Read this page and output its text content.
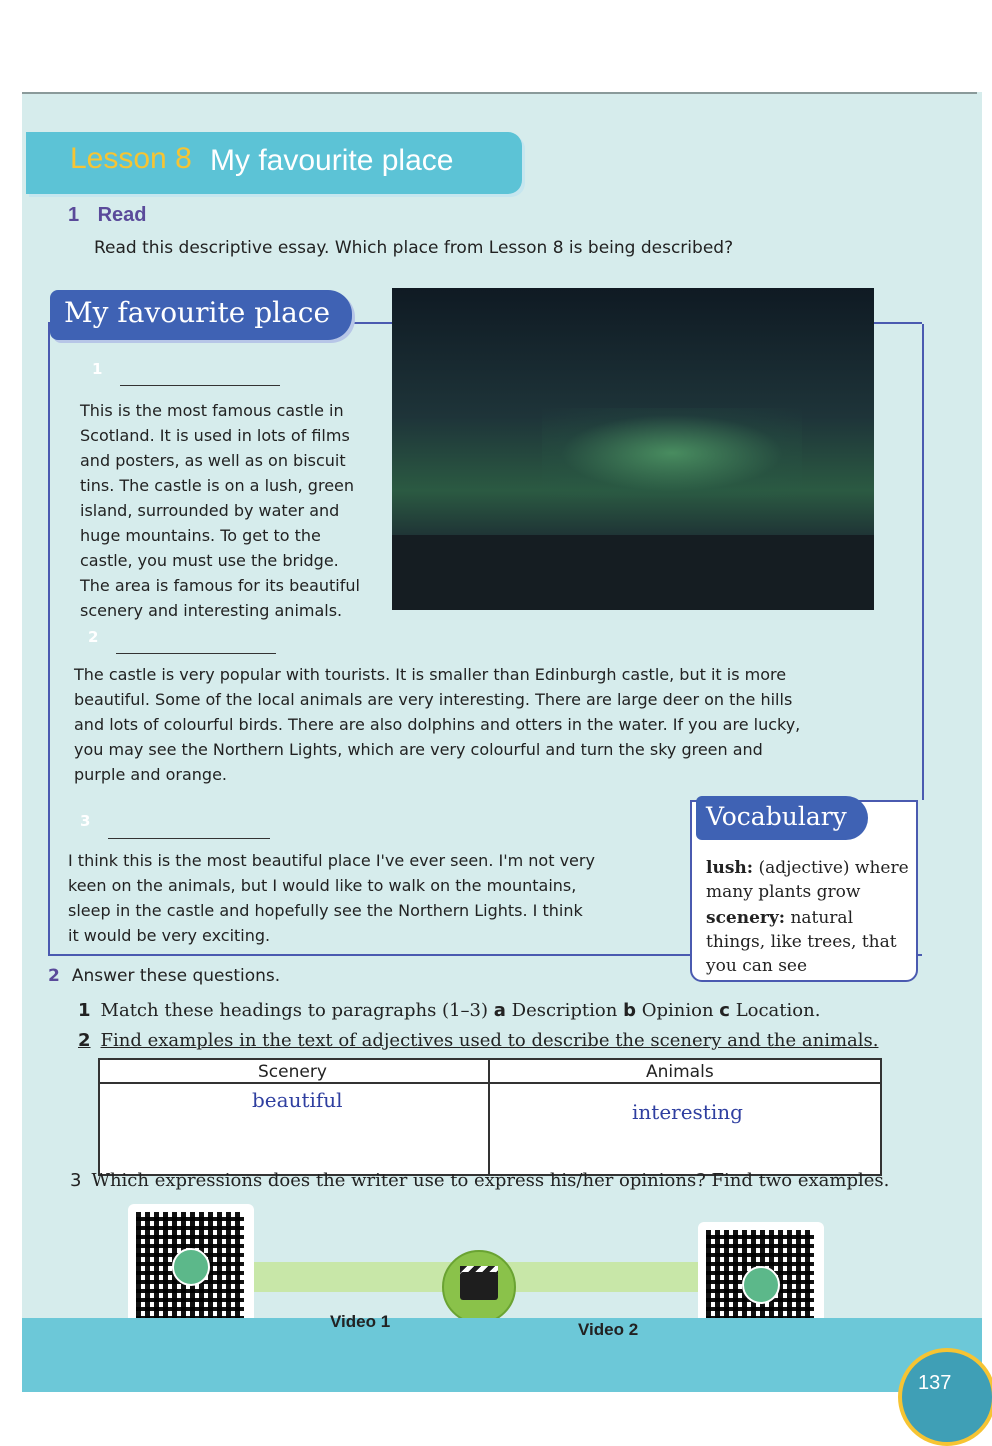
Lesson 8 My favourite place
1 Read
Read this descriptive essay. Which place from Lesson 8 is being described?
My favourite place
1
This is the most famous castle in
Scotland. It is used in lots of films
and posters, as well as on biscuit
tins. The castle is on a lush, green
island, surrounded by water and
huge mountains. To get to the
castle, you must use the bridge.
The area is famous for its beautiful
scenery and interesting animals.
2
The castle is very popular with tourists. It is smaller than Edinburgh castle, but it is more
beautiful. Some of the local animals are very interesting. There are large deer on the hills
and lots of colourful birds. There are also dolphins and otters in the water. If you are lucky,
you may see the Northern Lights, which are very colourful and turn the sky green and
purple and orange.
3
I think this is the most beautiful place I've ever seen. I'm not very
keen on the animals, but I would like to walk on the mountains,
sleep in the castle and hopefully see the Northern Lights. I think
it would be very exciting.
lush: (adjective) where
many plants grow
scenery: natural
things, like trees, that
you can see
Vocabulary
2 Answer these questions.
1 Match these headings to paragraphs (1–3) a Description b Opinion c Location.
2 Find examples in the text of adjectives used to describe the scenery and the animals.
Scenery	Animals
beautiful	interesting
3 Which expressions does the writer use to express his/her opinions? Find two examples.
Video 1	Video 2
137
